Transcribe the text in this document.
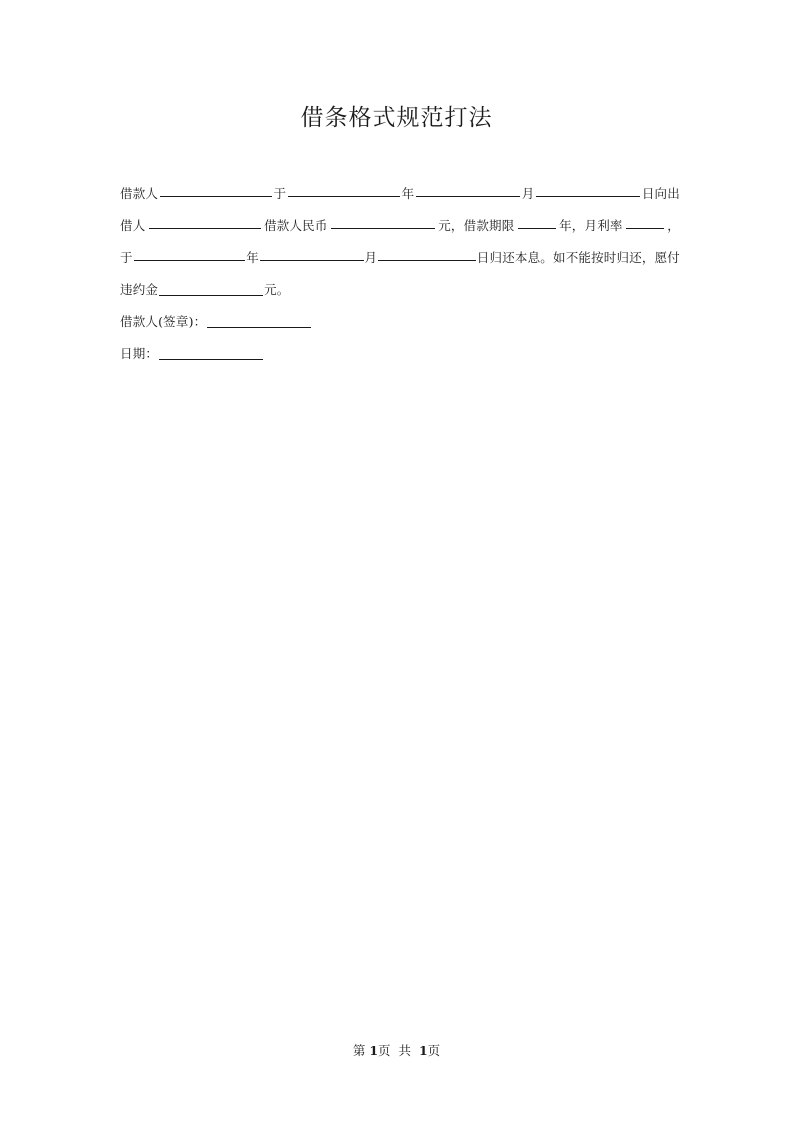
借条格式规范打法
借款人	于	年	月	日向出
借人	借款人民币	元，借款期限	年，月利率	，
于	年	月	日归还本息。如不能按时归还，愿付
违约金	元。
借款人(签章)：
日期：
第 1页 共 1页
